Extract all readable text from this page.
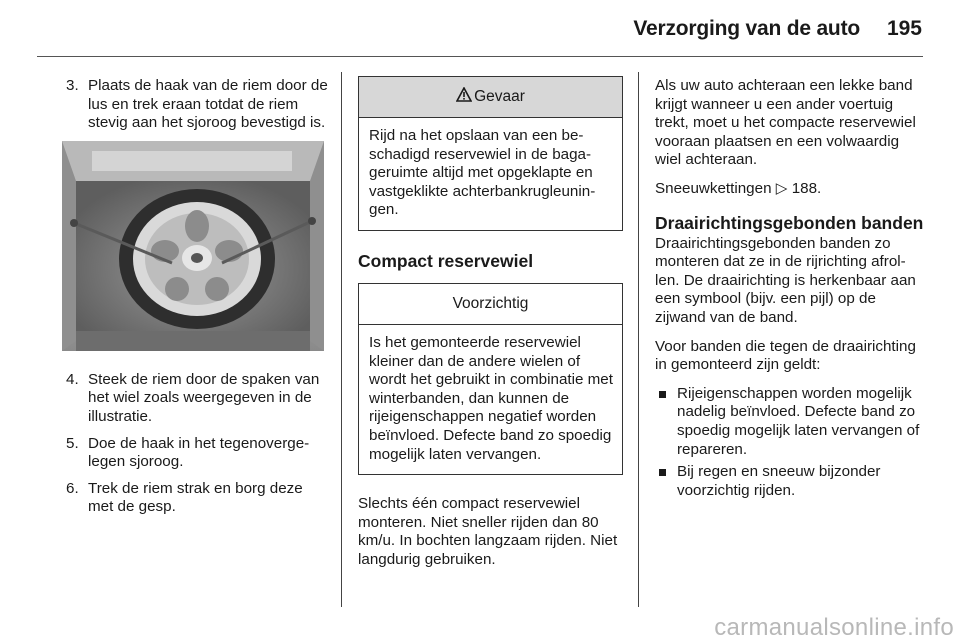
Verzorging van de auto 195
3. Plaats de haak van de riem door de lus en trek eraan totdat de riem stevig aan het sjoroog bevestigd is.
4. Steek de riem door de spaken van het wiel zoals weergegeven in de illustratie.
5. Doe de haak in het tegenovergelegen sjoroog.
6. Trek de riem strak en borg deze met de gesp.
Gevaar
Rijd na het opslaan van een beschadigd reservewiel in de bagageruimte altijd met opgeklapte en vastgeklikte achterbankrugleuningen.
Compact reservewiel
Voorzichtig
Is het gemonteerde reservewiel kleiner dan de andere wielen of wordt het gebruikt in combinatie met winterbanden, dan kunnen de rijeigenschappen negatief worden beïnvloed. Defecte band zo spoedig mogelijk laten vervangen.

Slechts één compact reservewiel monteren. Niet sneller rijden dan 80 km/u. In bochten langzaam rijden. Niet langdurig gebruiken.

Als uw auto achteraan een lekke band krijgt wanneer u een ander voertuig trekt, moet u het compacte reservewiel vooraan plaatsen en een volwaardig wiel achteraan.

Sneeuwkettingen ▷ 188.

Draairichtingsgebonden banden

Draairichtingsgebonden banden zo monteren dat ze in de rijrichting afrollen. De draairichting is herkenbaar aan een symbool (bijv. een pijl) op de zijwand van de band.

Voor banden die tegen de draairichting in gemonteerd zijn geldt:

Rijeigenschappen worden mogelijk nadelig beïnvloed. Defecte band zo spoedig mogelijk laten vervangen of repareren.
Bij regen en sneeuw bijzonder voorzichtig rijden.
carmanualsonline.info
